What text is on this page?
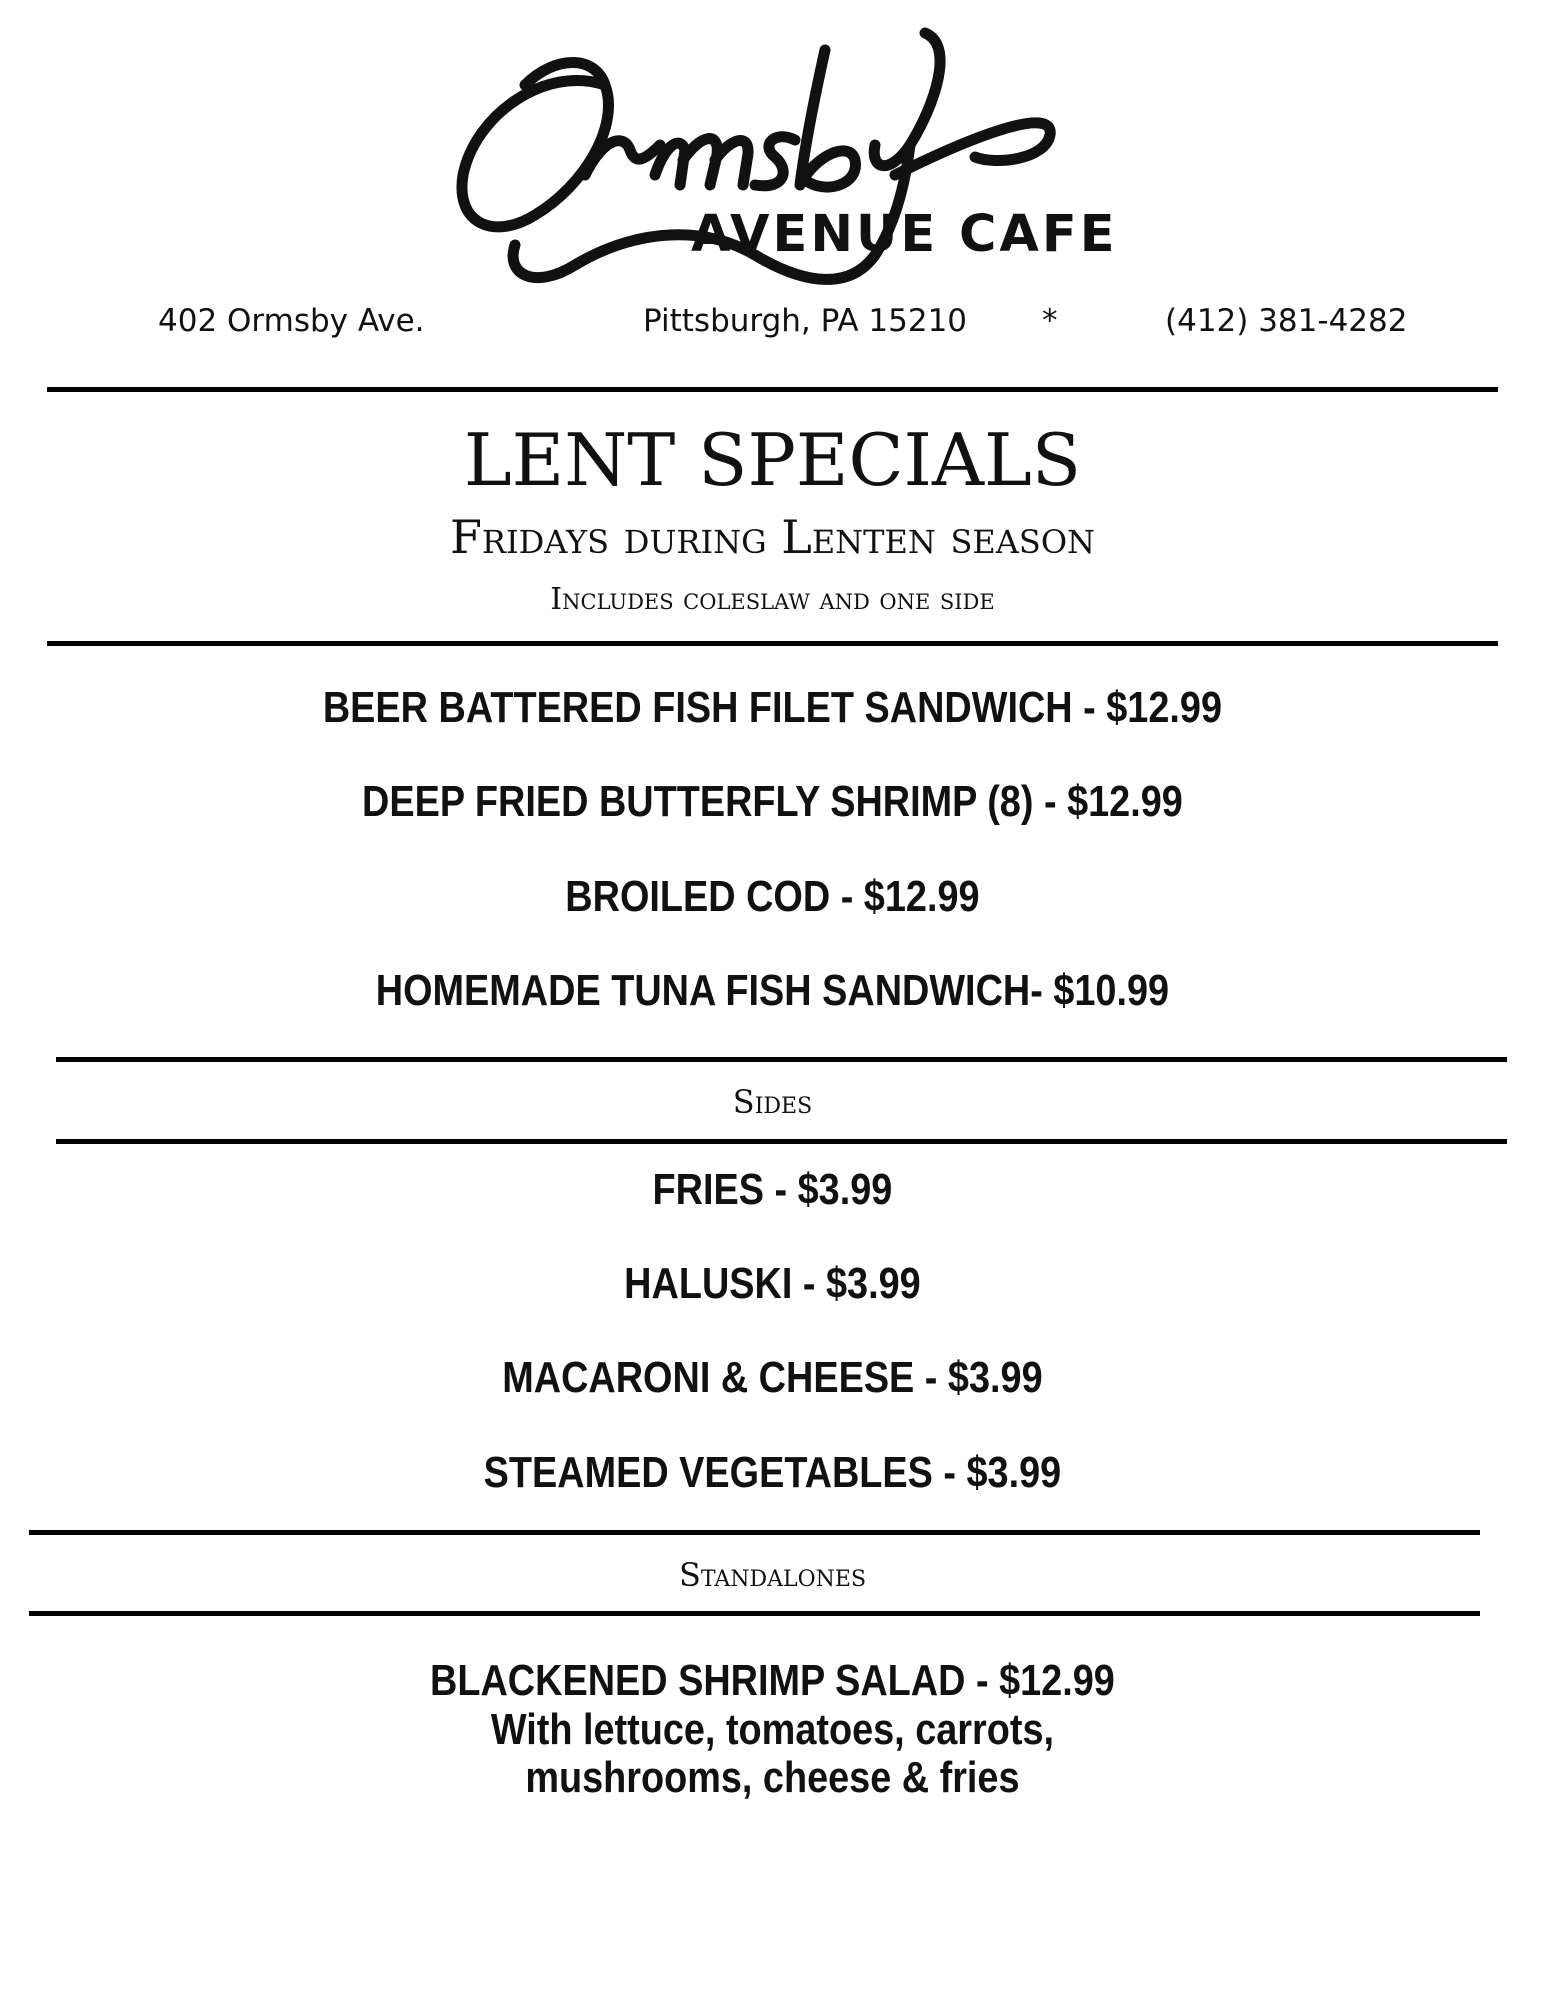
AVENUE CAFE
402 Ormsby Ave.	Pittsburgh, PA 15210 *	(412) 381-4282
LENT SPECIALS
Fridays during Lenten season
Includes coleslaw and one side
BEER BATTERED FISH FILET SANDWICH - $12.99
DEEP FRIED BUTTERFLY SHRIMP (8) - $12.99
BROILED COD - $12.99
HOMEMADE TUNA FISH SANDWICH- $10.99
Sides
FRIES - $3.99
HALUSKI - $3.99
MACARONI & CHEESE - $3.99
STEAMED VEGETABLES - $3.99
Standalones
BLACKENED SHRIMP SALAD - $12.99
With lettuce, tomatoes, carrots,
mushrooms, cheese & fries
